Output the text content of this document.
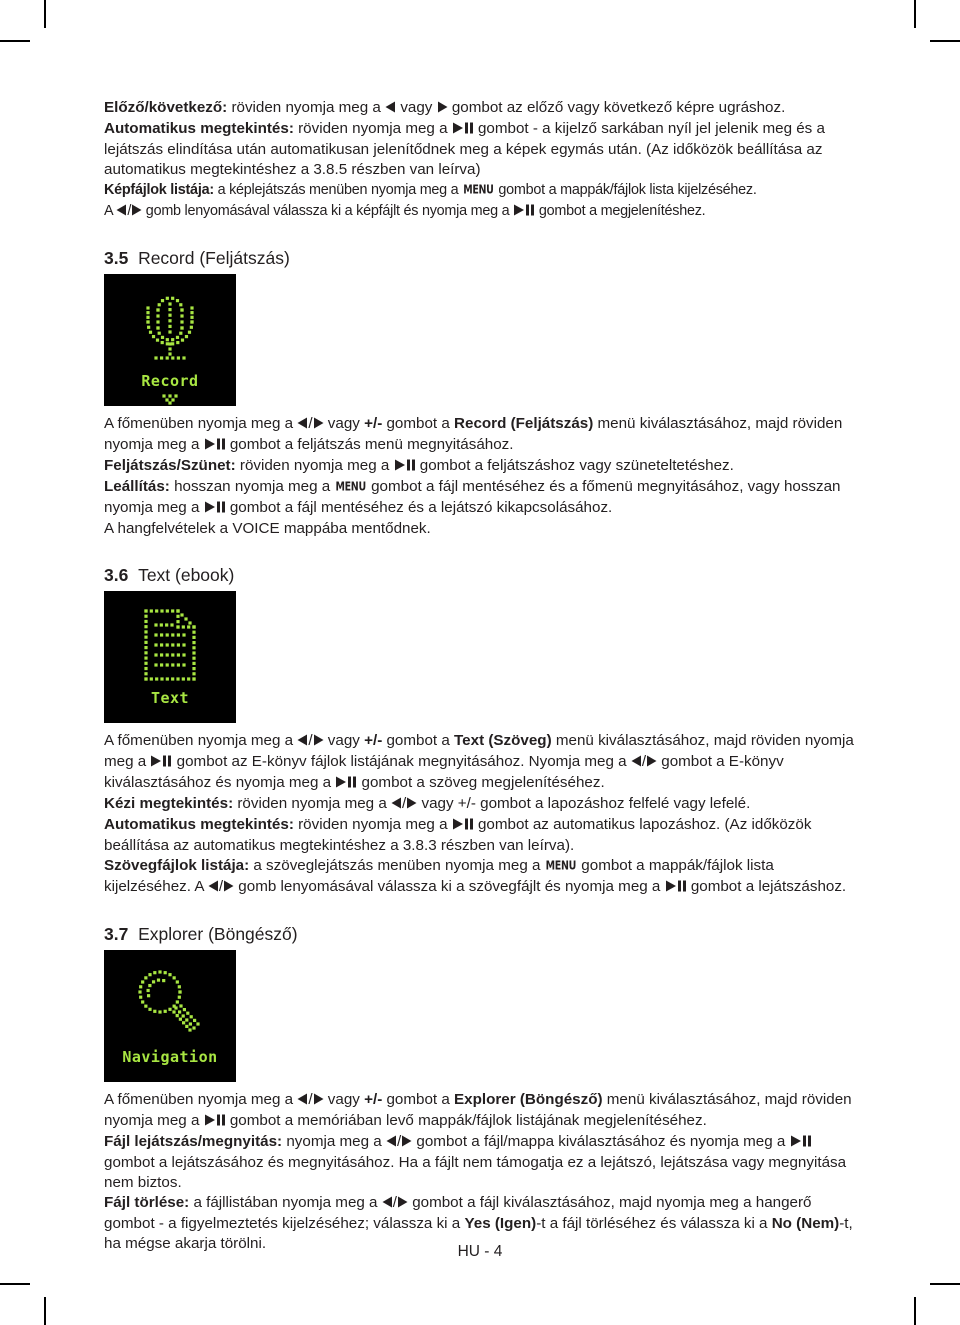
Előző/következő: röviden nyomja meg a  vagy  gombot az előző vagy következő képre ugráshoz.

Automatikus megtekintés: röviden nyomja meg a  gombot - a kijelző sarkában nyíl jel jelenik meg és a lejátszás elindítása után automatikusan jelenítődnek meg a képek egymás után. (Az időközök beállítása az automatikus megtekintéshez a 3.8.5 részben van leírva)

Képfájlok listája: a képlejátszás menüben nyomja meg a MENU gombot a mappák/fájlok lista kijelzéséhez.

A / gomb lenyomásával válassza ki a képfájlt és nyomja meg a  gombot a megjelenítéshez.

3.5 Record (Feljátszás)
Record

A főmenüben nyomja meg a / vagy +/- gombot a Record (Feljátszás) menü kiválasztásához, majd röviden nyomja meg a  gombot a feljátszás menü megnyitásához.

Feljátszás/Szünet: röviden nyomja meg a  gombot a feljátszáshoz vagy szüneteltetéshez.

Leállítás: hosszan nyomja meg a MENU gombot a fájl mentéséhez és a főmenü megnyitásához, vagy hosszan nyomja meg a  gombot a fájl mentéséhez és a lejátszó kikapcsolásához.

A hangfelvételek a VOICE mappába mentődnek.

3.6 Text (ebook)
Text

A főmenüben nyomja meg a / vagy +/- gombot a Text (Szöveg) menü kiválasztásához, majd röviden nyomja meg a  gombot az E-könyv fájlok listájának megnyitásához. Nyomja meg a / gombot a E-könyv kiválasztásához és nyomja meg a  gombot a szöveg megjelenítéséhez.

Kézi megtekintés: röviden nyomja meg a / vagy +/- gombot a lapozáshoz felfelé vagy lefelé.

Automatikus megtekintés: röviden nyomja meg a  gombot az automatikus lapozáshoz. (Az időközök beállítása az automatikus megtekintéshez a 3.8.3 részben van leírva).

Szövegfájlok listája: a szöveglejátszás menüben nyomja meg a MENU gombot a mappák/fájlok lista kijelzéséhez. A / gomb lenyomásával válassza ki a szövegfájlt és nyomja meg a  gombot a lejátszáshoz.

3.7 Explorer (Böngésző)
Navigation

A főmenüben nyomja meg a / vagy +/- gombot a Explorer (Böngésző) menü kiválasztásához, majd röviden nyomja meg a  gombot a memóriában levő mappák/fájlok listájának megjelenítéséhez.

Fájl lejátszás/megnyitás: nyomja meg a / gombot a fájl/mappa kiválasztásához és nyomja meg a  gombot a lejátszásához és megnyitásához. Ha a fájlt nem támogatja ez a lejátszó, lejátszása vagy megnyitása nem biztos.

Fájl törlése: a fájllistában nyomja meg a / gombot a fájl kiválasztásához, majd nyomja meg a hangerő gombot - a figyelmeztetés kijelzéséhez; válassza ki a Yes (Igen)-t a fájl törléséhez és válassza ki a No (Nem)-t, ha mégse akarja törölni.	HU - 4
